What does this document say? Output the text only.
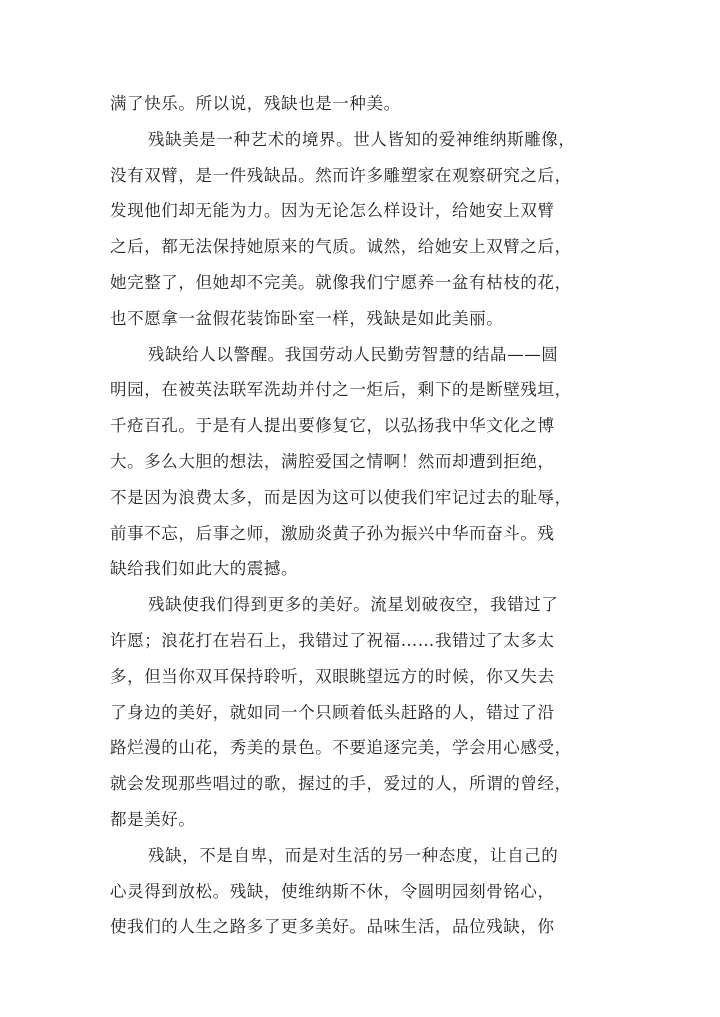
满了快乐。所以说，残缺也是一种美。
残缺美是一种艺术的境界。世人皆知的爱神维纳斯雕像，
没有双臂，是一件残缺品。然而许多雕塑家在观察研究之后，
发现他们却无能为力。因为无论怎么样设计，给她安上双臂
之后，都无法保持她原来的气质。诚然，给她安上双臂之后，
她完整了，但她却不完美。就像我们宁愿养一盆有枯枝的花，
也不愿拿一盆假花装饰卧室一样，残缺是如此美丽。
残缺给人以警醒。我国劳动人民勤劳智慧的结晶——圆
明园，在被英法联军洗劫并付之一炬后，剩下的是断壁残垣，
千疮百孔。于是有人提出要修复它，以弘扬我中华文化之博
大。多么大胆的想法，满腔爱国之情啊！然而却遭到拒绝，
不是因为浪费太多，而是因为这可以使我们牢记过去的耻辱，
前事不忘，后事之师，激励炎黄子孙为振兴中华而奋斗。残
缺给我们如此大的震撼。
残缺使我们得到更多的美好。流星划破夜空，我错过了
许愿；浪花打在岩石上，我错过了祝福……我错过了太多太
多，但当你双耳保持聆听，双眼眺望远方的时候，你又失去
了身边的美好，就如同一个只顾着低头赶路的人，错过了沿
路烂漫的山花，秀美的景色。不要追逐完美，学会用心感受，
就会发现那些唱过的歌，握过的手，爱过的人，所谓的曾经，
都是美好。
残缺，不是自卑，而是对生活的另一种态度，让自己的
心灵得到放松。残缺，使维纳斯不休，令圆明园刻骨铭心，
使我们的人生之路多了更多美好。品味生活，品位残缺，你
